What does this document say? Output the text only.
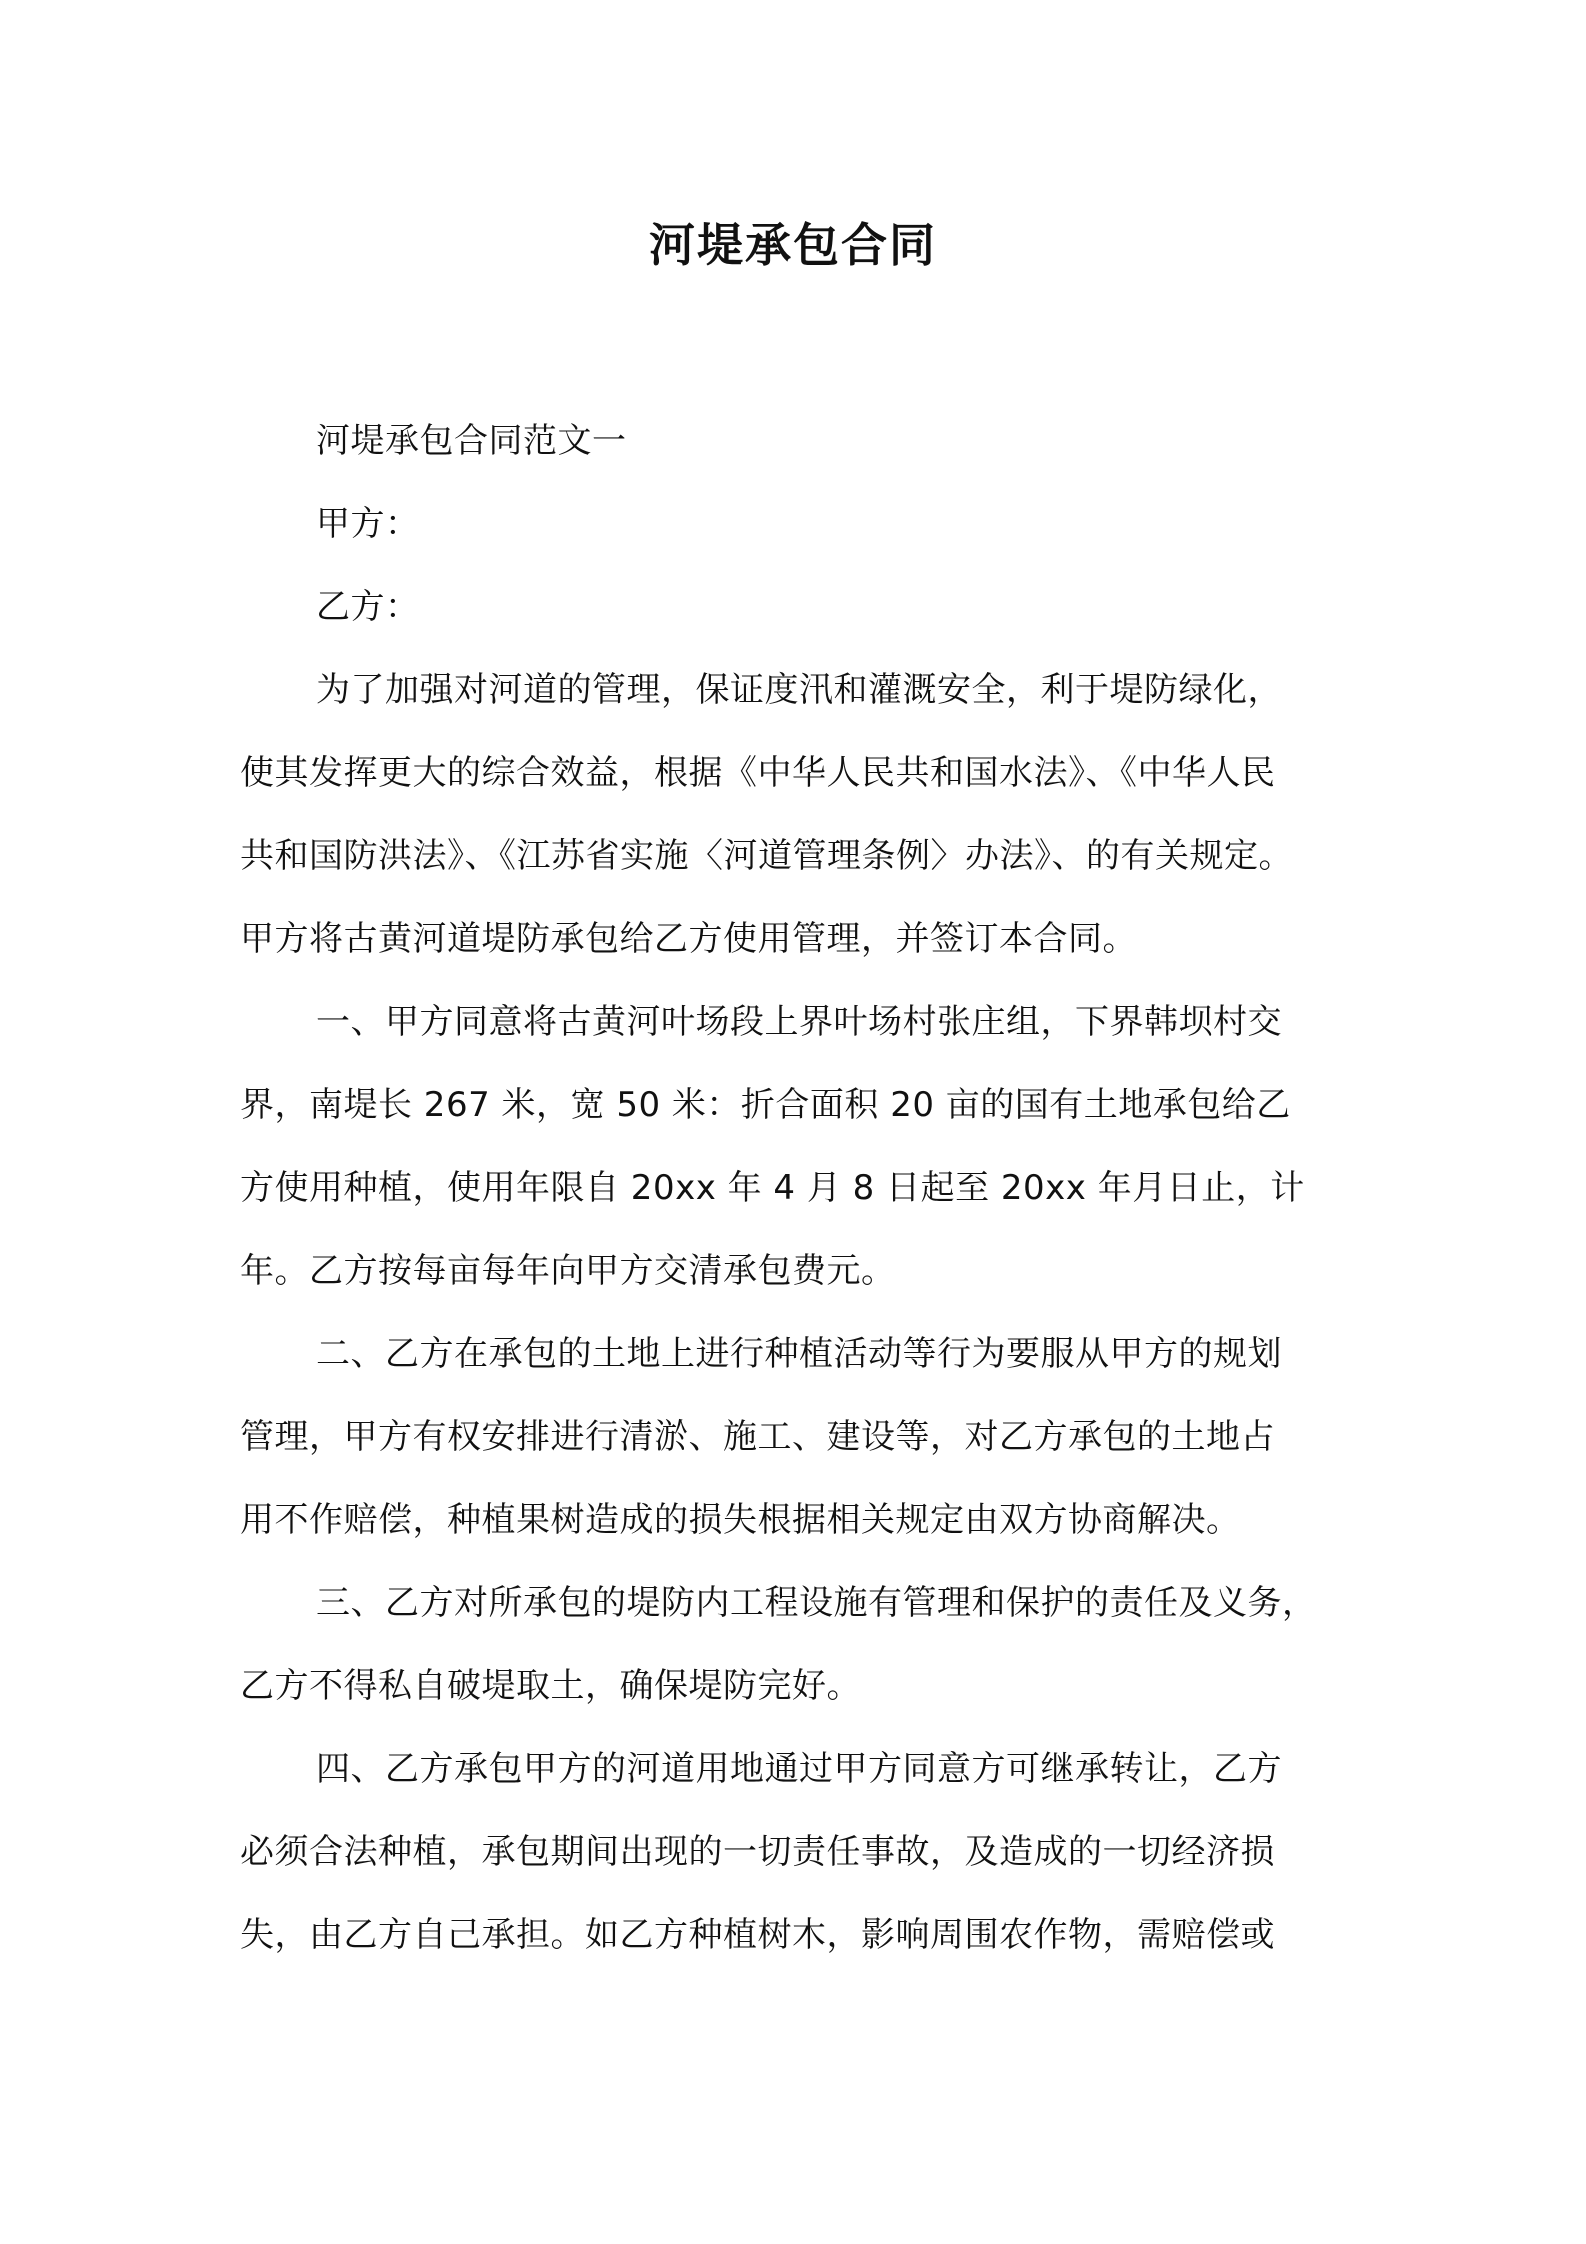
河堤承包合同
河堤承包合同范文一
甲方：
乙方：
为了加强对河道的管理，保证度汛和灌溉安全，利于堤防绿化，
使其发挥更大的综合效益，根据《中华人民共和国水法》、《中华人民
共和国防洪法》、《江苏省实施〈河道管理条例〉办法》、的有关规定。
甲方将古黄河道堤防承包给乙方使用管理，并签订本合同。
一、甲方同意将古黄河叶场段上界叶场村张庄组，下界韩坝村交
界，南堤长 267 米，宽 50 米：折合面积 20 亩的国有土地承包给乙
方使用种植，使用年限自 20xx 年 4 月 8 日起至 20xx 年月日止，计
年。乙方按每亩每年向甲方交清承包费元。
二、乙方在承包的土地上进行种植活动等行为要服从甲方的规划
管理，甲方有权安排进行清淤、施工、建设等，对乙方承包的土地占
用不作赔偿，种植果树造成的损失根据相关规定由双方协商解决。
三、乙方对所承包的堤防内工程设施有管理和保护的责任及义务，
乙方不得私自破堤取土，确保堤防完好。
四、乙方承包甲方的河道用地通过甲方同意方可继承转让，乙方
必须合法种植，承包期间出现的一切责任事故，及造成的一切经济损
失，由乙方自己承担。如乙方种植树木，影响周围农作物，需赔偿或
